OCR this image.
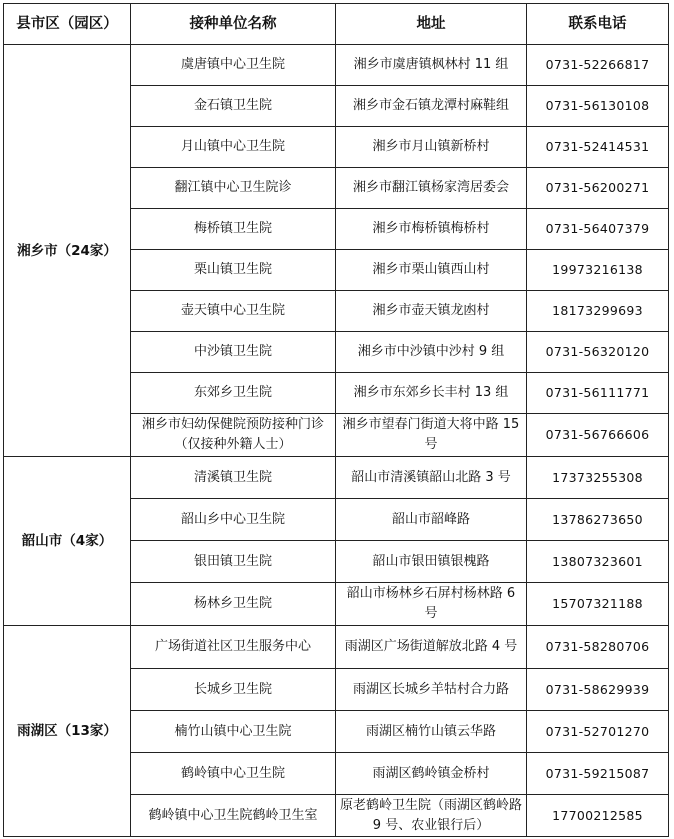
县市区（园区）	接种单位名称	地址	联系电话
湘乡市（24家）	虞唐镇中心卫生院	湘乡市虞唐镇枫林村 11 组	0731-52266817
	金石镇卫生院	湘乡市金石镇龙潭村麻鞋组	0731-56130108
	月山镇中心卫生院	湘乡市月山镇新桥村	0731-52414531
	翻江镇中心卫生院诊	湘乡市翻江镇杨家湾居委会	0731-56200271
	梅桥镇卫生院	湘乡市梅桥镇梅桥村	0731-56407379
	栗山镇卫生院	湘乡市栗山镇西山村	19973216138
	壶天镇中心卫生院	湘乡市壶天镇龙凼村	18173299693
	中沙镇卫生院	湘乡市中沙镇中沙村 9 组	0731-56320120
	东郊乡卫生院	湘乡市东郊乡长丰村 13 组	0731-56111771
	湘乡市妇幼保健院预防接种门诊（仅接种外籍人士）	湘乡市望春门街道大将中路 15 号	0731-56766606
韶山市（4家）	清溪镇卫生院	韶山市清溪镇韶山北路 3 号	17373255308
	韶山乡中心卫生院	韶山市韶峰路	13786273650
	银田镇卫生院	韶山市银田镇银槐路	13807323601
	杨林乡卫生院	韶山市杨林乡石屏村杨林路 6 号	15707321188
雨湖区（13家）	广场街道社区卫生服务中心	雨湖区广场街道解放北路 4 号	0731-58280706
	长城乡卫生院	雨湖区长城乡羊牯村合力路	0731-58629939
	楠竹山镇中心卫生院	雨湖区楠竹山镇云华路	0731-52701270
	鹤岭镇中心卫生院	雨湖区鹤岭镇金桥村	0731-59215087
	鹤岭镇中心卫生院鹤岭卫生室	原老鹤岭卫生院（雨湖区鹤岭路 9 号、农业银行后）	17700212585
